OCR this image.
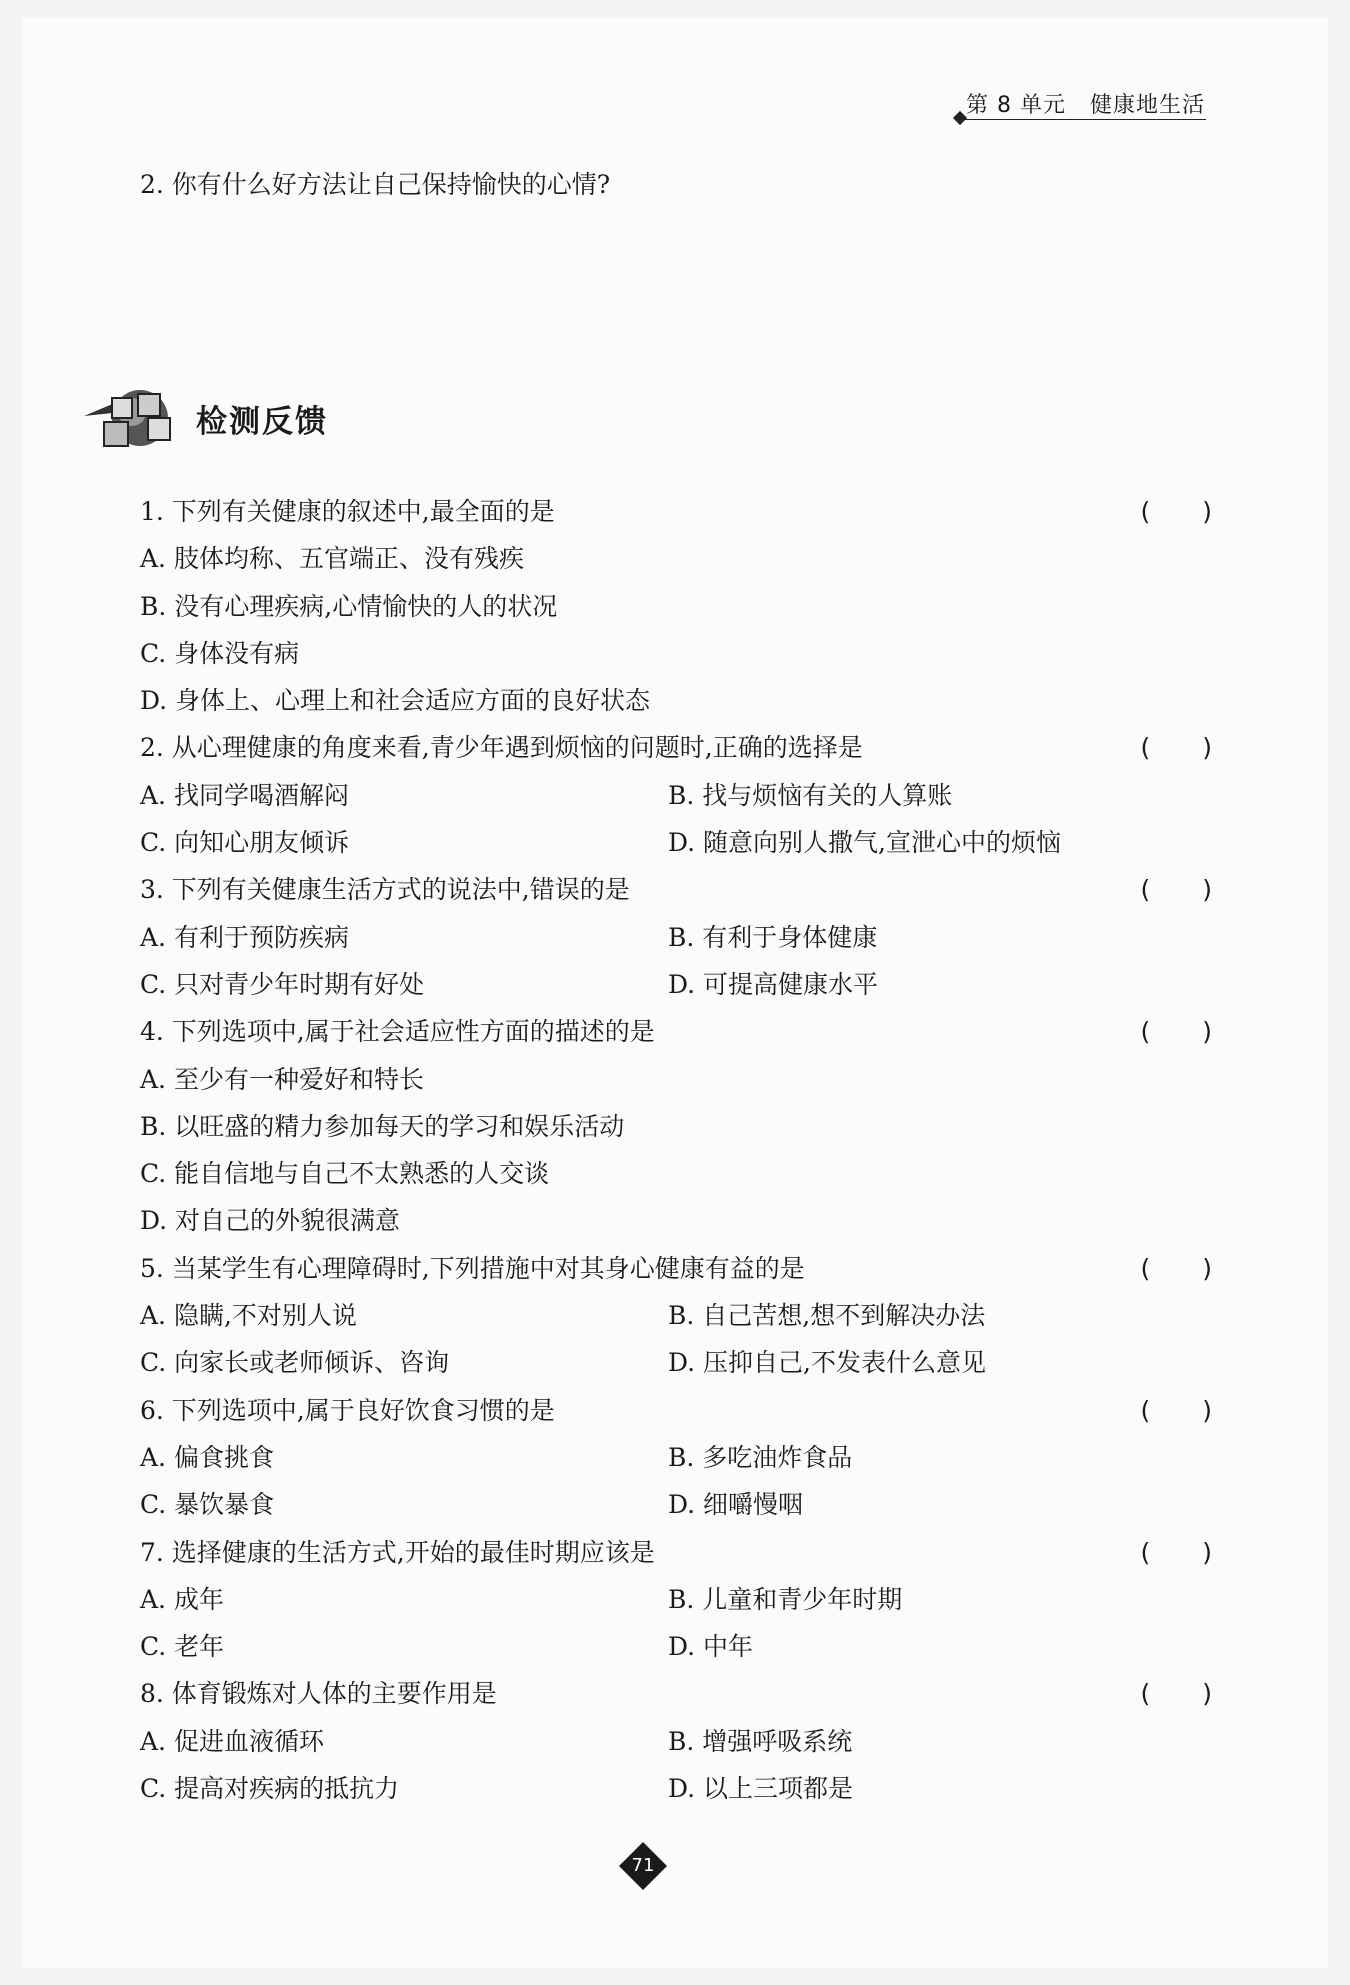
第 8 单元 健康地生活
2. 你有什么好方法让自己保持愉快的心情?
检测反馈
1. 下列有关健康的叙述中,最全面的是	( )
A. 肢体均称、五官端正、没有残疾
B. 没有心理疾病,心情愉快的人的状况
C. 身体没有病
D. 身体上、心理上和社会适应方面的良好状态
2. 从心理健康的角度来看,青少年遇到烦恼的问题时,正确的选择是	( )
A. 找同学喝酒解闷	B. 找与烦恼有关的人算账
C. 向知心朋友倾诉	D. 随意向别人撒气,宣泄心中的烦恼
3. 下列有关健康生活方式的说法中,错误的是	( )
A. 有利于预防疾病	B. 有利于身体健康
C. 只对青少年时期有好处	D. 可提高健康水平
4. 下列选项中,属于社会适应性方面的描述的是	( )
A. 至少有一种爱好和特长
B. 以旺盛的精力参加每天的学习和娱乐活动
C. 能自信地与自己不太熟悉的人交谈
D. 对自己的外貌很满意
5. 当某学生有心理障碍时,下列措施中对其身心健康有益的是	( )
A. 隐瞒,不对别人说	B. 自己苦想,想不到解决办法
C. 向家长或老师倾诉、咨询	D. 压抑自己,不发表什么意见
6. 下列选项中,属于良好饮食习惯的是	( )
A. 偏食挑食	B. 多吃油炸食品
C. 暴饮暴食	D. 细嚼慢咽
7. 选择健康的生活方式,开始的最佳时期应该是	( )
A. 成年	B. 儿童和青少年时期
C. 老年	D. 中年
8. 体育锻炼对人体的主要作用是	( )
A. 促进血液循环	B. 增强呼吸系统
C. 提高对疾病的抵抗力	D. 以上三项都是
71
